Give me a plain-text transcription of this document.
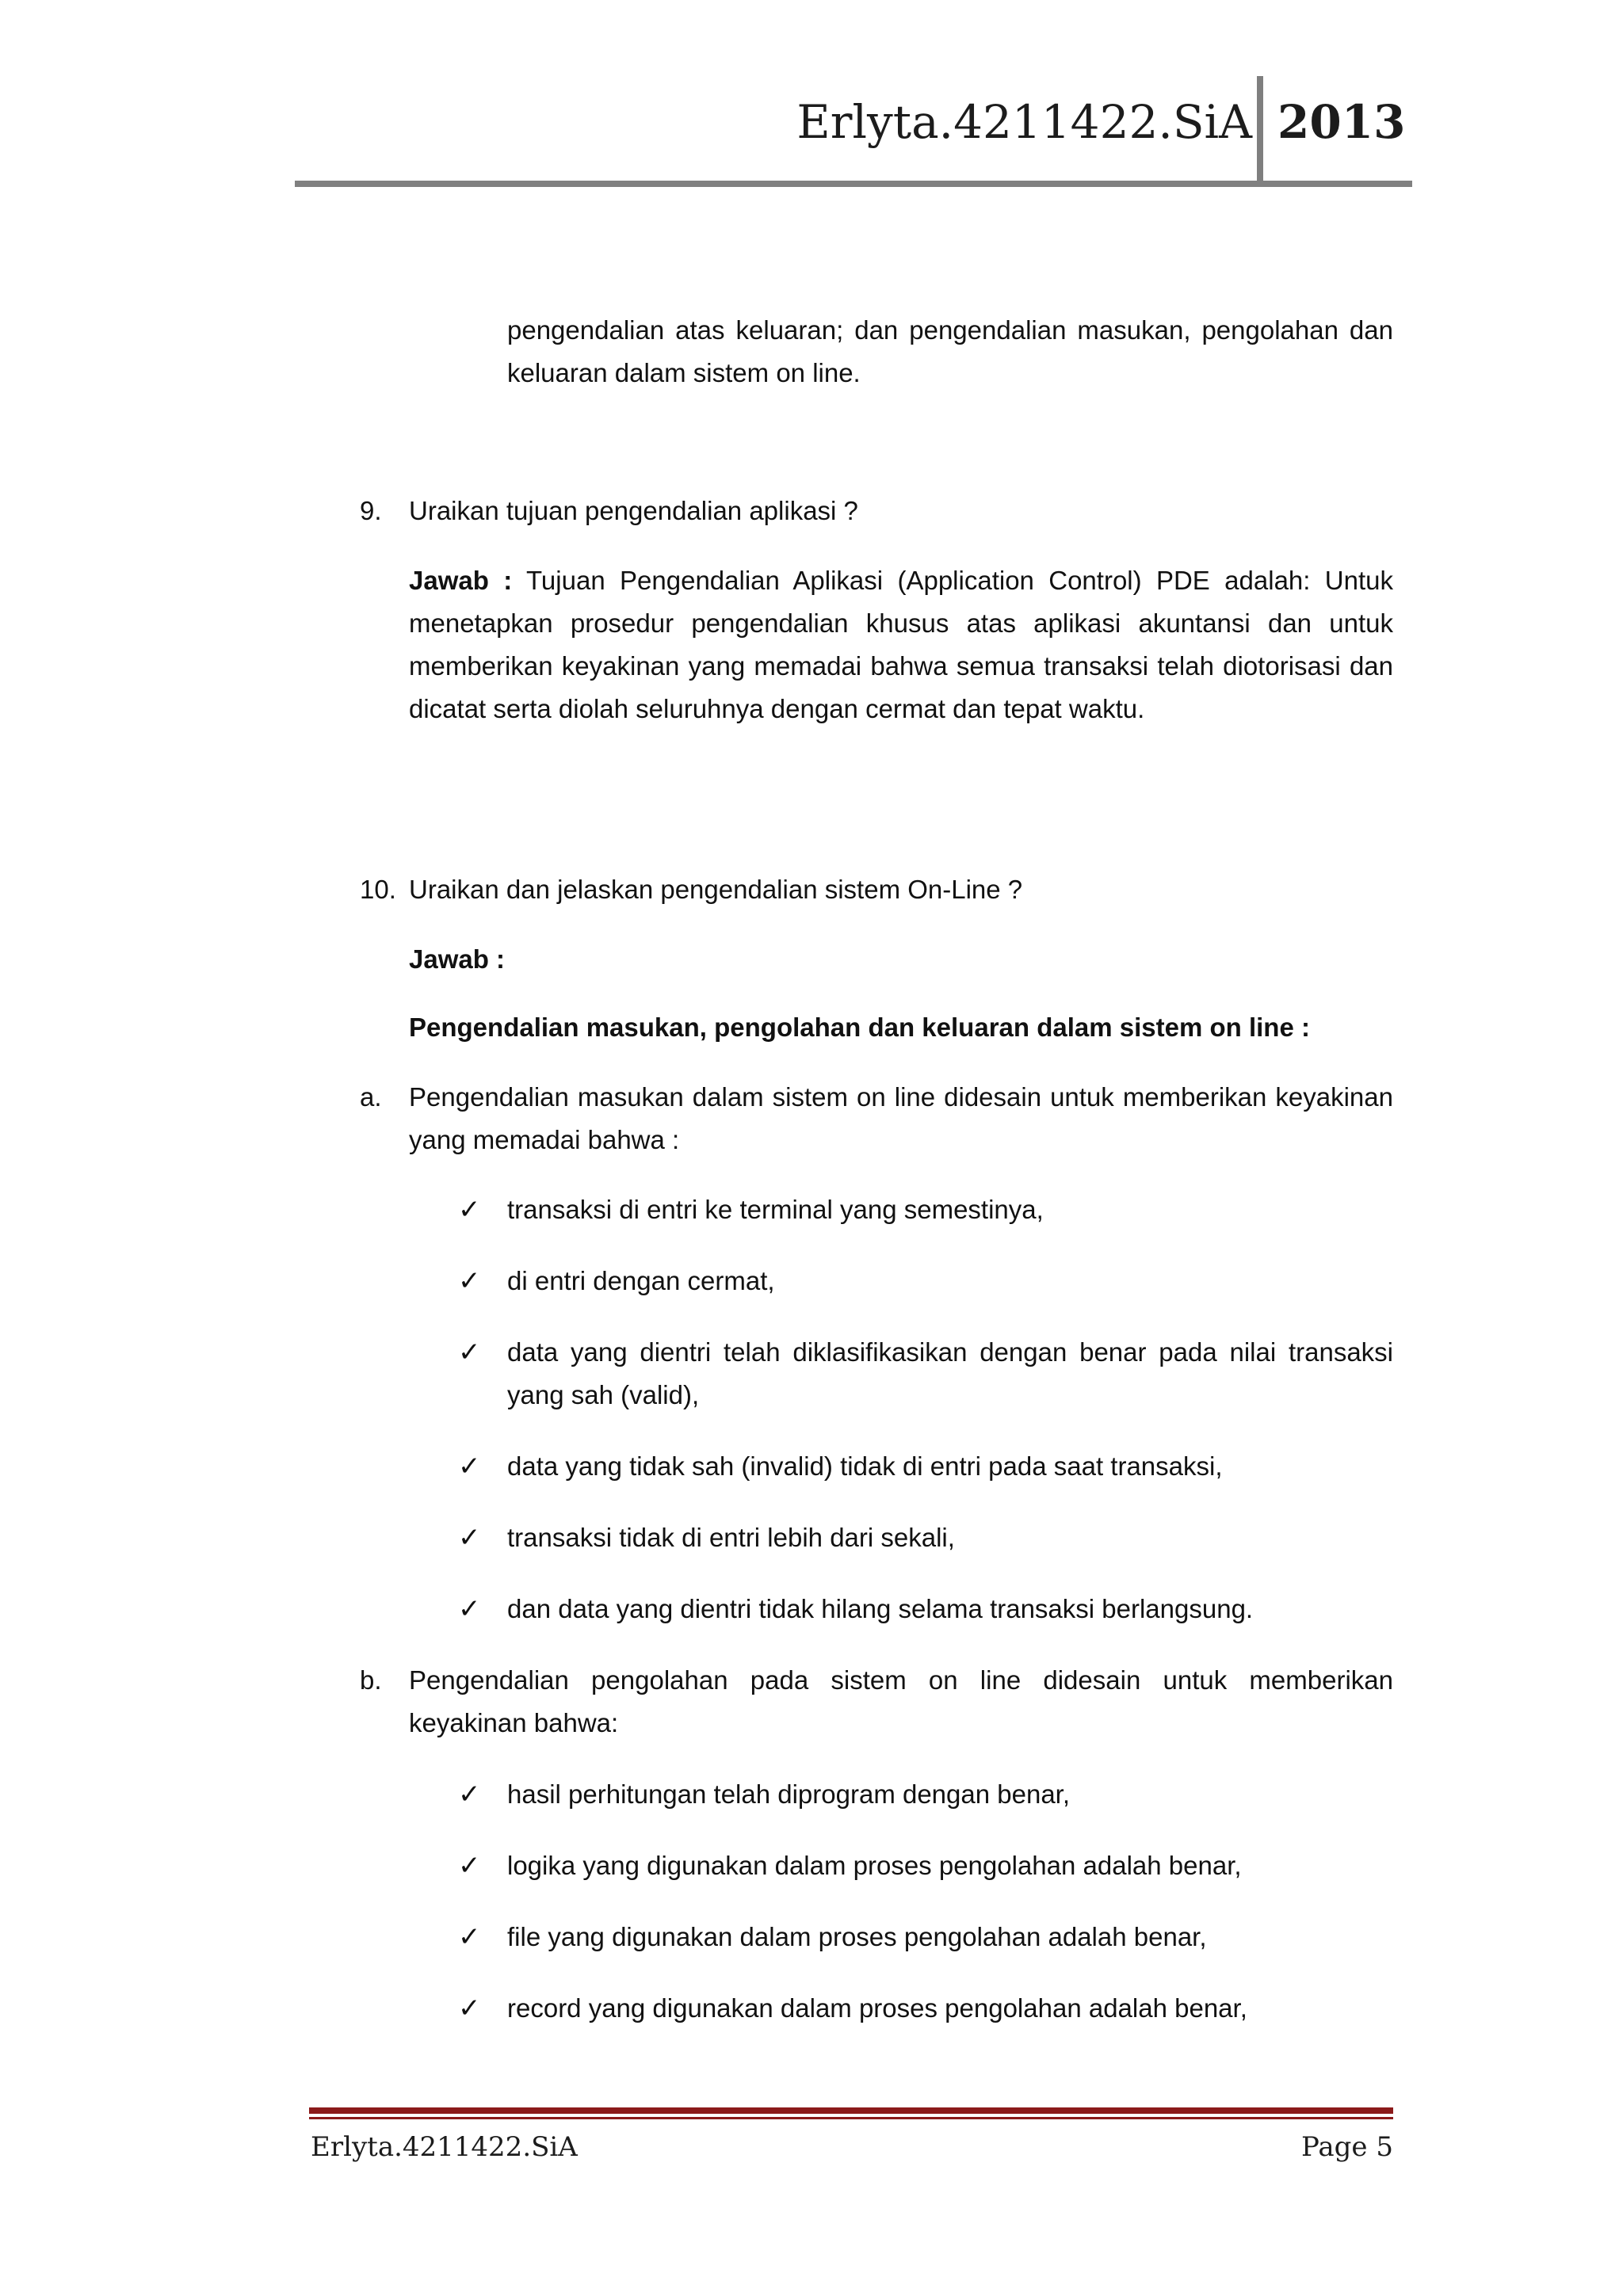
Erlyta.4211422.SiA 2013
pengendalian atas keluaran; dan pengendalian masukan, pengolahan dan keluaran dalam sistem on line.
9. Uraikan tujuan pengendalian aplikasi ?
Jawab : Tujuan Pengendalian Aplikasi (Application Control) PDE adalah: Untuk menetapkan prosedur pengendalian khusus atas aplikasi akuntansi dan untuk memberikan keyakinan yang memadai bahwa semua transaksi telah diotorisasi dan dicatat serta diolah seluruhnya dengan cermat dan tepat waktu.
10. Uraikan dan jelaskan pengendalian sistem On-Line ?
Jawab :
Pengendalian masukan, pengolahan dan keluaran dalam sistem on line :
a. Pengendalian masukan dalam sistem on line didesain untuk memberikan keyakinan yang memadai bahwa :
✓ transaksi di entri ke terminal yang semestinya,
✓ di entri dengan cermat,
✓ data yang dientri telah diklasifikasikan dengan benar pada nilai transaksi yang sah (valid),
✓ data yang tidak sah (invalid) tidak di entri pada saat transaksi,
✓ transaksi tidak di entri lebih dari sekali,
✓ dan data yang dientri tidak hilang selama transaksi berlangsung.
b. Pengendalian pengolahan pada sistem on line didesain untuk memberikan keyakinan bahwa:
✓ hasil perhitungan telah diprogram dengan benar,
✓ logika yang digunakan dalam proses pengolahan adalah benar,
✓ file yang digunakan dalam proses pengolahan adalah benar,
✓ record yang digunakan dalam proses pengolahan adalah benar,
Erlyta.4211422.SiA	Page 5
